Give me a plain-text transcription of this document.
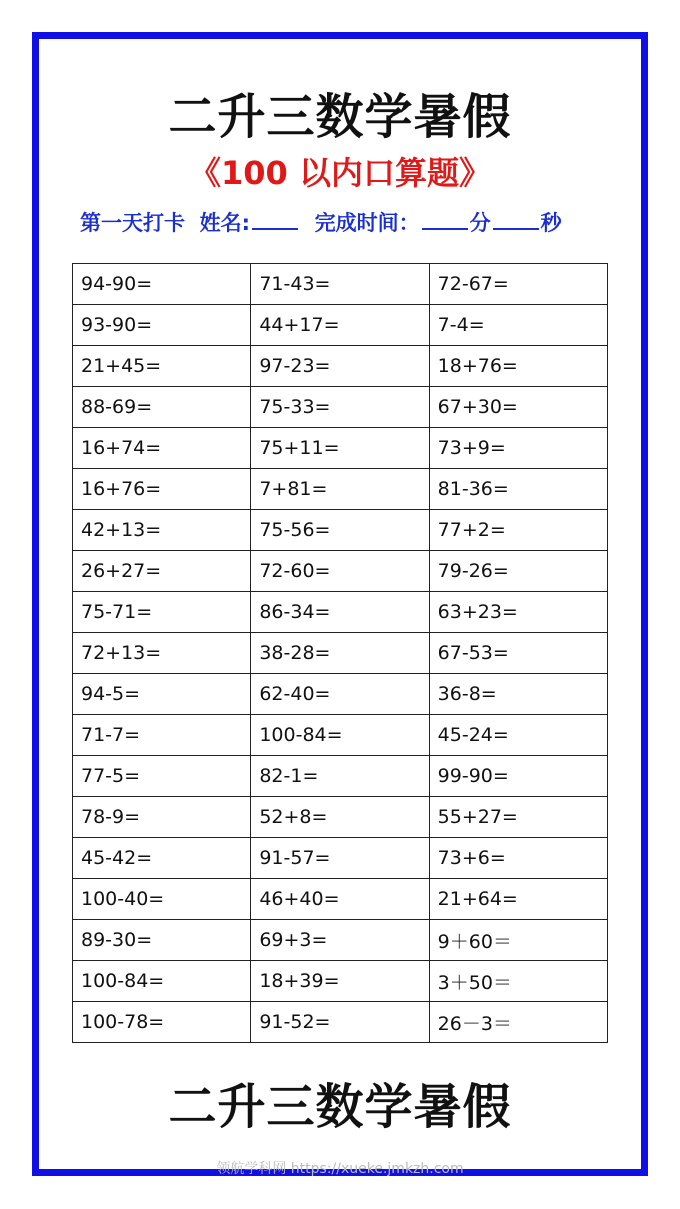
二升三数学暑假
《100 以内口算题》
第一天打卡 姓名:	完成时间： 分 秒
94-90=	71-43=	72-67=
93-90=	44+17=	7-4=
21+45=	97-23=	18+76=
88-69=	75-33=	67+30=
16+74=	75+11=	73+9=
16+76=	7+81=	81-36=
42+13=	75-56=	77+2=
26+27=	72-60=	79-26=
75-71=	86-34=	63+23=
72+13=	38-28=	67-53=
94-5=	62-40=	36-8=
71-7=	100-84=	45-24=
77-5=	82-1=	99-90=
78-9=	52+8=	55+27=
45-42=	91-57=	73+6=
100-40=	46+40=	21+64=
89-30=	69+3=	9＋60＝
100-84=	18+39=	3＋50＝
100-78=	91-52=	26－3＝
二升三数学暑假
领航学科网 https://xueke.jmkzh.com
